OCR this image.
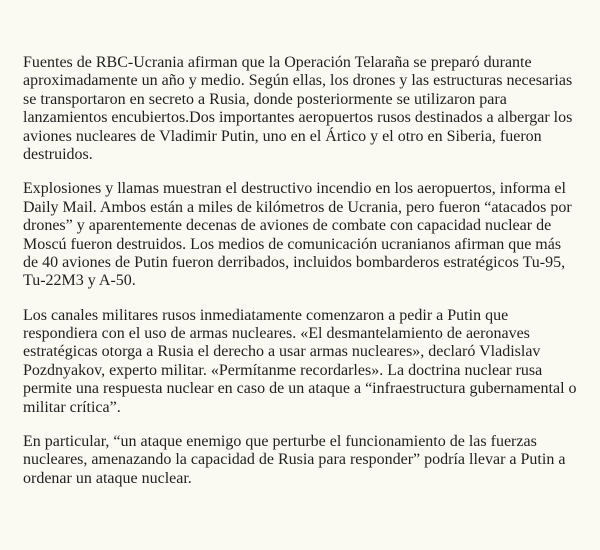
Fuentes de RBC-Ucrania afirman que la Operación Telaraña se preparó durante aproximadamente un año y medio. Según ellas, los drones y las estructuras necesarias se transportaron en secreto a Rusia, donde posteriormente se utilizaron para lanzamientos encubiertos.Dos importantes aeropuertos rusos destinados a albergar los aviones nucleares de Vladimir Putin, uno en el Ártico y el otro en Siberia, fueron destruidos.

Explosiones y llamas muestran el destructivo incendio en los aeropuertos, informa el Daily Mail. Ambos están a miles de kilómetros de Ucrania, pero fueron “atacados por drones” y aparentemente decenas de aviones de combate con capacidad nuclear de Moscú fueron destruidos. Los medios de comunicación ucranianos afirman que más de 40 aviones de Putin fueron derribados, incluidos bombarderos estratégicos Tu-95, Tu-22M3 y A-50.

Los canales militares rusos inmediatamente comenzaron a pedir a Putin que respondiera con el uso de armas nucleares. «El desmantelamiento de aeronaves estratégicas otorga a Rusia el derecho a usar armas nucleares», declaró Vladislav Pozdnyakov, experto militar. «Permítanme recordarles». La doctrina nuclear rusa permite una respuesta nuclear en caso de un ataque a “infraestructura gubernamental o militar crítica”.

En particular, “un ataque enemigo que perturbe el funcionamiento de las fuerzas nucleares, amenazando la capacidad de Rusia para responder” podría llevar a Putin a ordenar un ataque nuclear.
